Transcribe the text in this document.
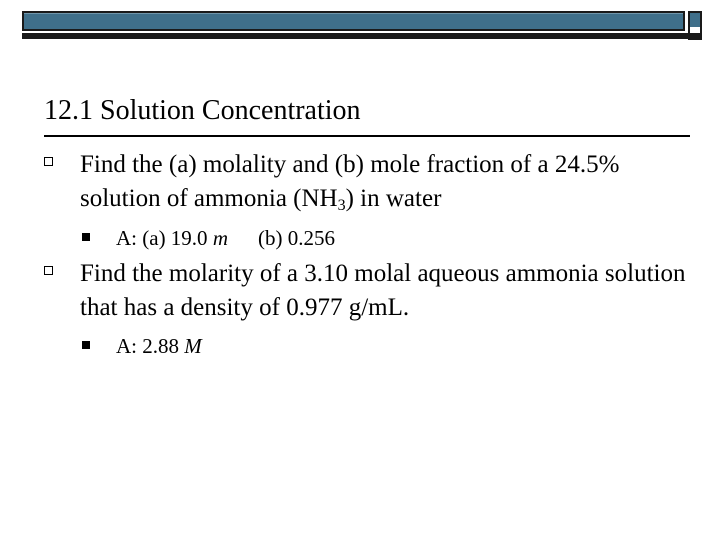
12.1 Solution Concentration
Find the (a) molality and (b) mole fraction of a 24.5% solution of ammonia $(NH_3)$ in water
A: (a) 19.0 m (b) 0.256
Find the molarity of a 3.10 molal aqueous ammonia solution that has a density of 0.977 g/mL.
A: 2.88 M
